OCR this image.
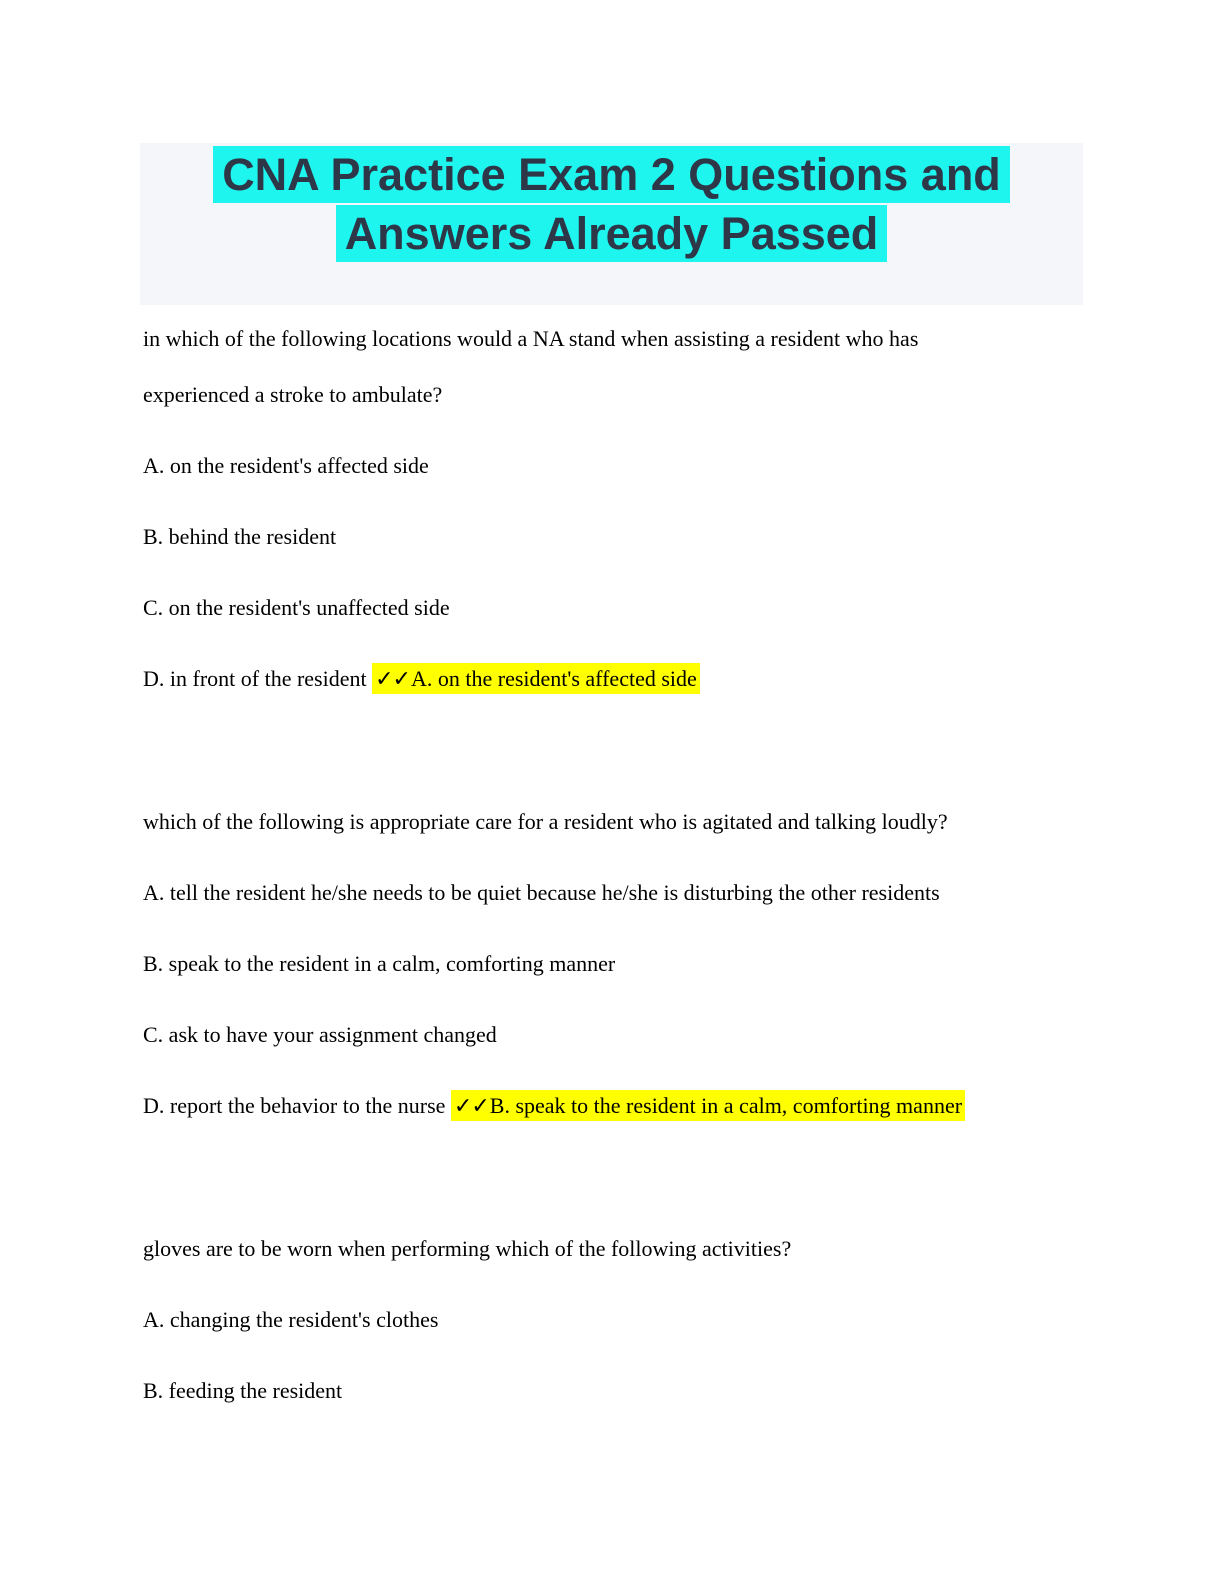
CNA Practice Exam 2 Questions and
Answers Already Passed

in which of the following locations would a NA stand when assisting a resident who has
experienced a stroke to ambulate?

A. on the resident's affected side

B. behind the resident

C. on the resident's unaffected side

D. in front of the resident ✓✓A. on the resident's affected side

which of the following is appropriate care for a resident who is agitated and talking loudly?

A. tell the resident he/she needs to be quiet because he/she is disturbing the other residents

B. speak to the resident in a calm, comforting manner

C. ask to have your assignment changed

D. report the behavior to the nurse ✓✓B. speak to the resident in a calm, comforting manner

gloves are to be worn when performing which of the following activities?

A. changing the resident's clothes

B. feeding the resident
